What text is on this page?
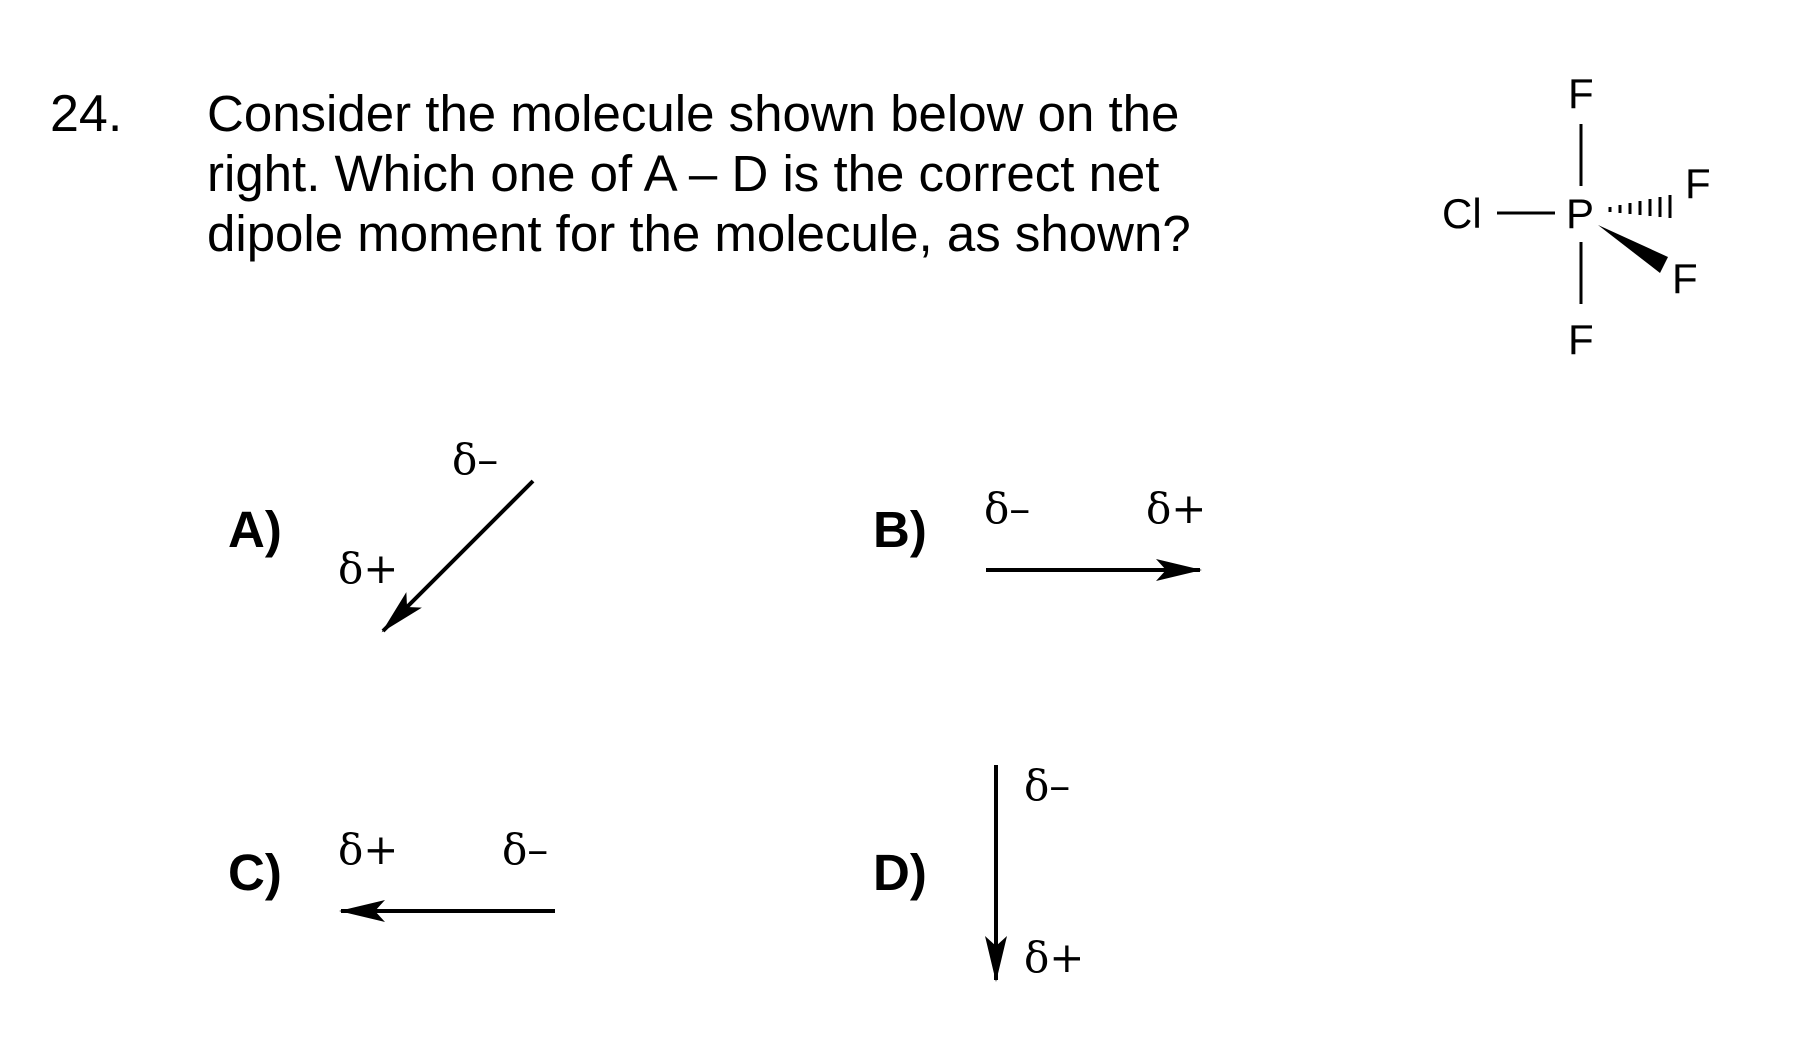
24. Consider the molecule shown below on the
right. Which one of A – D is the correct net
dipole moment for the molecule, as shown?
F
Cl P
F
F
F
A)
δ–
δ+
B) δ–	δ+
C) δ+ δ–	D)
δ–
δ+
